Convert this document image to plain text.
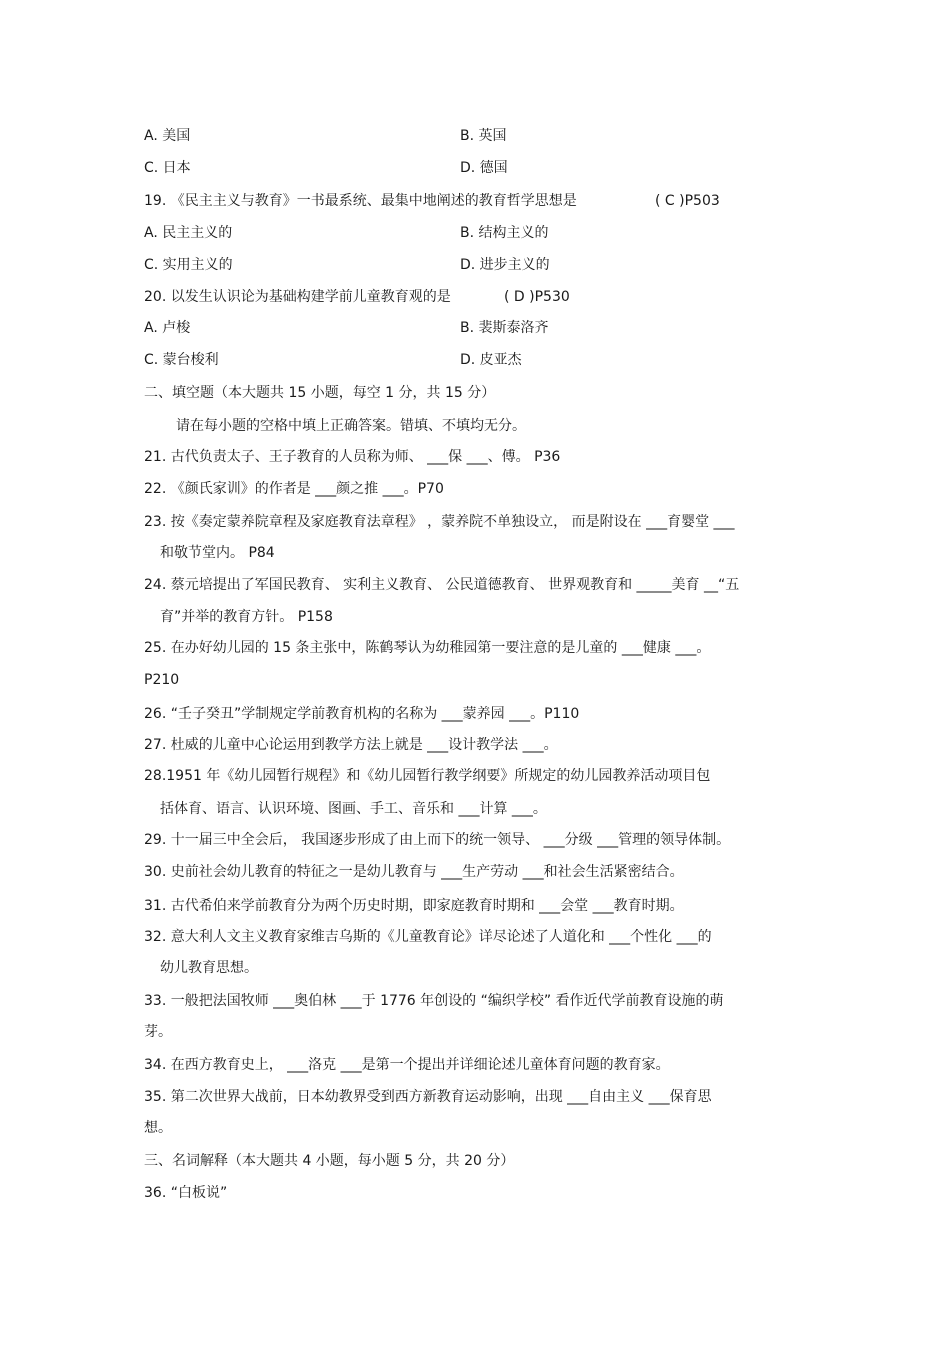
A. 美国	B. 英国
C. 日本	D. 德国
19. 《民主主义与教育》一书最系统、最集中地阐述的教育哲学思想是	( C )P503
A. 民主主义的	B. 结构主义的
C. 实用主义的	D. 进步主义的
20. 以发生认识论为基础构建学前儿童教育观的是	( D )P530
A. 卢梭	B. 裴斯泰洛齐
C. 蒙台梭利	D. 皮亚杰
二、填空题（本大题共 15 小题，每空 1 分，共 15 分）
请在每小题的空格中填上正确答案。错填、不填均无分。
21. 古代负责太子、王子教育的人员称为师、 ___保 ___、傅。 P36
22. 《颜氏家训》的作者是 ___颜之推 ___。P70
23. 按《奏定蒙养院章程及家庭教育法章程》 ，蒙养院不单独设立， 而是附设在 ___育婴堂 ___
和敬节堂内。 P84
24. 蔡元培提出了军国民教育、 实利主义教育、 公民道德教育、 世界观教育和 _____美育 __“五
育”并举的教育方针。 P158
25. 在办好幼儿园的 15 条主张中，陈鹤琴认为幼稚园第一要注意的是儿童的 ___健康 ___。
P210
26. “壬子癸丑”学制规定学前教育机构的名称为 ___蒙养园 ___。P110
27. 杜威的儿童中心论运用到教学方法上就是 ___设计教学法 ___。
28.1951 年《幼儿园暂行规程》和《幼儿园暂行教学纲要》所规定的幼儿园教养活动项目包
括体育、语言、认识环境、图画、手工、音乐和 ___计算 ___。
29. 十一届三中全会后， 我国逐步形成了由上而下的统一领导、 ___分级 ___管理的领导体制。
30. 史前社会幼儿教育的特征之一是幼儿教育与 ___生产劳动 ___和社会生活紧密结合。
31. 古代希伯来学前教育分为两个历史时期，即家庭教育时期和 ___会堂 ___教育时期。
32. 意大利人文主义教育家维吉乌斯的《儿童教育论》详尽论述了人道化和 ___个性化 ___的
幼儿教育思想。
33. 一般把法国牧师 ___奥伯林 ___于 1776 年创设的 “编织学校” 看作近代学前教育设施的萌
芽。
34. 在西方教育史上， ___洛克 ___是第一个提出并详细论述儿童体育问题的教育家。
35. 第二次世界大战前，日本幼教界受到西方新教育运动影响，出现 ___自由主义 ___保育思
想。
三、名词解释（本大题共 4 小题，每小题 5 分，共 20 分）
36. “白板说”
